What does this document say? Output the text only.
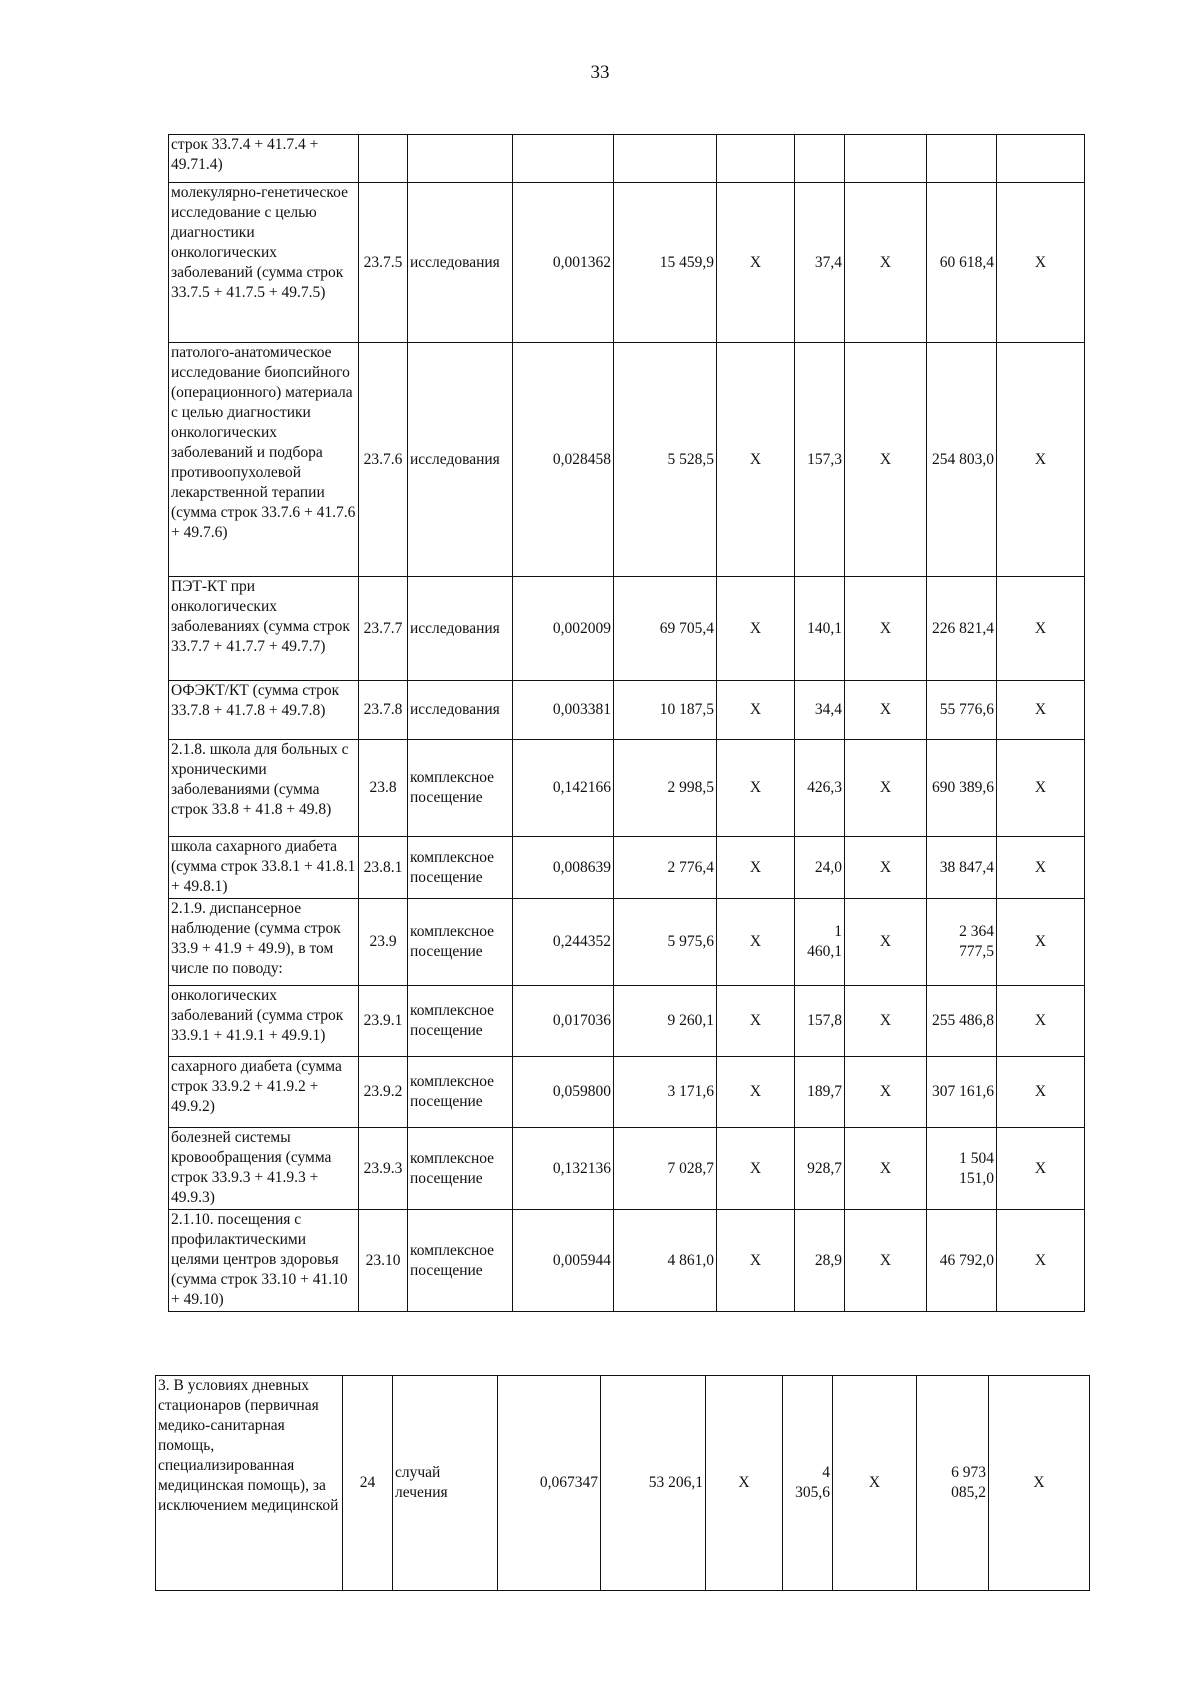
33
строк 33.7.4 + 41.7.4 + 49.71.4)									
молекулярно-генетическое исследование с целью диагностики онкологических заболеваний (сумма строк 33.7.5 + 41.7.5 + 49.7.5)	23.7.5	исследования	0,001362	15 459,9	X	37,4	X	60 618,4	X
патолого-анатомическое исследование биопсийного (операционного) материала с целью диагностики онкологических заболеваний и подбора противоопухолевой лекарственной терапии (сумма строк 33.7.6 + 41.7.6 + 49.7.6)	23.7.6	исследования	0,028458	5 528,5	X	157,3	X	254 803,0	X
ПЭТ-КТ при онкологических заболеваниях (сумма строк 33.7.7 + 41.7.7 + 49.7.7)	23.7.7	исследования	0,002009	69 705,4	X	140,1	X	226 821,4	X
ОФЭКТ/КТ (сумма строк 33.7.8 + 41.7.8 + 49.7.8)	23.7.8	исследования	0,003381	10 187,5	X	34,4	X	55 776,6	X
2.1.8. школа для больных с хроническими заболеваниями (сумма строк 33.8 + 41.8 + 49.8)	23.8	комплексное посещение	0,142166	2 998,5	X	426,3	X	690 389,6	X
школа сахарного диабета (сумма строк 33.8.1 + 41.8.1 + 49.8.1)	23.8.1	комплексное посещение	0,008639	2 776,4	X	24,0	X	38 847,4	X
2.1.9. диспансерное наблюдение (сумма строк 33.9 + 41.9 + 49.9), в том числе по поводу:	23.9	комплексное посещение	0,244352	5 975,6	X	1 460,1	X	2 364 777,5	X
онкологических заболеваний (сумма строк 33.9.1 + 41.9.1 + 49.9.1)	23.9.1	комплексное посещение	0,017036	9 260,1	X	157,8	X	255 486,8	X
сахарного диабета (сумма строк 33.9.2 + 41.9.2 + 49.9.2)	23.9.2	комплексное посещение	0,059800	3 171,6	X	189,7	X	307 161,6	X
болезней системы кровообращения (сумма строк 33.9.3 + 41.9.3 + 49.9.3)	23.9.3	комплексное посещение	0,132136	7 028,7	X	928,7	X	1 504 151,0	X
2.1.10. посещения с профилактическими целями центров здоровья (сумма строк 33.10 + 41.10 + 49.10)	23.10	комплексное посещение	0,005944	4 861,0	X	28,9	X	46 792,0	X
3. В условиях дневных стационаров (первичная медико-санитарная помощь, специализированная медицинская помощь), за исключением медицинской	24	случай лечения	0,067347	53 206,1	X	4 305,6	X	6 973 085,2	X
